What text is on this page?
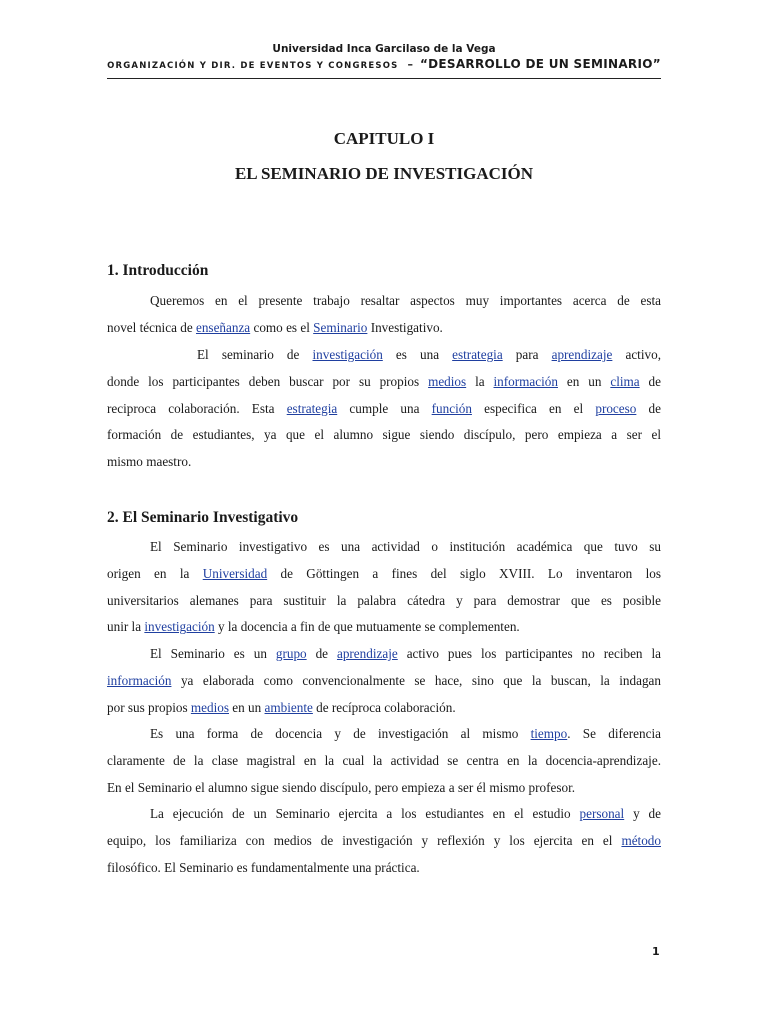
Universidad Inca Garcilaso de la Vega
ORGANIZACIÓN Y DIR. DE EVENTOS Y CONGRESOS – “DESARROLLO DE UN SEMINARIO”
CAPITULO I
EL SEMINARIO DE INVESTIGACIÓN
1. Introducción
Queremos en el presente trabajo resaltar aspectos muy importantes acerca de esta
novel técnica de enseñanza como es el Seminario Investigativo.
El seminario de investigación es una estrategia para aprendizaje activo,
donde los participantes deben buscar por su propios medios la información en un clima de
reciproca colaboración. Esta estrategia cumple una función especifica en el proceso de
formación de estudiantes, ya que el alumno sigue siendo discípulo, pero empieza a ser el
mismo maestro.
2. El Seminario Investigativo
El Seminario investigativo es una actividad o institución académica que tuvo su
origen en la Universidad de Göttingen a fines del siglo XVIII. Lo inventaron los
universitarios alemanes para sustituir la palabra cátedra y para demostrar que es posible
unir la investigación y la docencia a fin de que mutuamente se complementen.
El Seminario es un grupo de aprendizaje activo pues los participantes no reciben la
información ya elaborada como convencionalmente se hace, sino que la buscan, la indagan
por sus propios medios en un ambiente de recíproca colaboración.
Es una forma de docencia y de investigación al mismo tiempo. Se diferencia
claramente de la clase magistral en la cual la actividad se centra en la docencia-aprendizaje.
En el Seminario el alumno sigue siendo discípulo, pero empieza a ser él mismo profesor.
La ejecución de un Seminario ejercita a los estudiantes en el estudio personal y de
equipo, los familiariza con medios de investigación y reflexión y los ejercita en el método
filosófico. El Seminario es fundamentalmente una práctica.
1
